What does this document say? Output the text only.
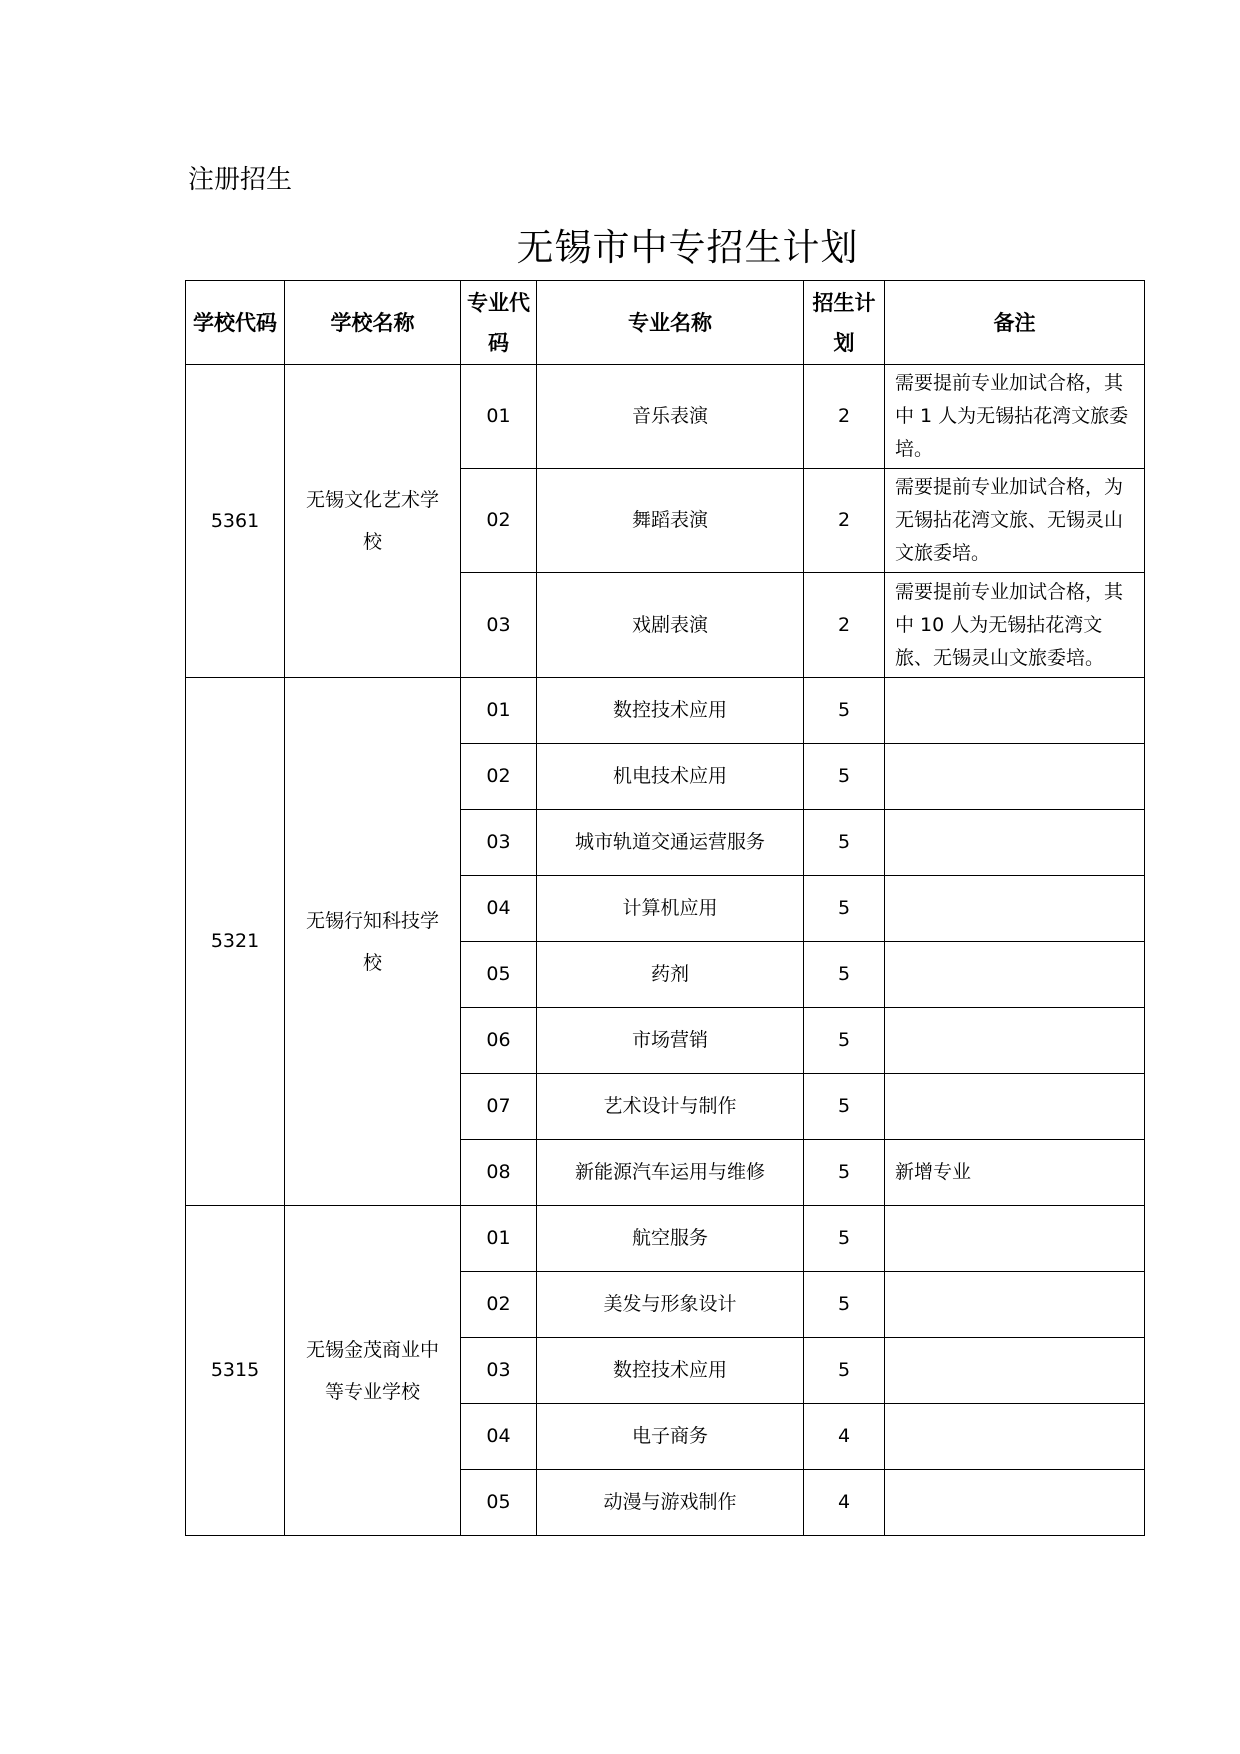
注册招生
无锡市中专招生计划
学校代码	学校名称	专业代码	专业名称	招生计划	备注
5361	无锡文化艺术学校	01	音乐表演	2	需要提前专业加试合格，其中 1 人为无锡拈花湾文旅委培。
		02	舞蹈表演	2	需要提前专业加试合格，为无锡拈花湾文旅、无锡灵山文旅委培。
		03	戏剧表演	2	需要提前专业加试合格，其中 10 人为无锡拈花湾文旅、无锡灵山文旅委培。
5321	无锡行知科技学校	01	数控技术应用	5	
		02	机电技术应用	5	
		03	城市轨道交通运营服务	5	
		04	计算机应用	5	
		05	药剂	5	
		06	市场营销	5	
		07	艺术设计与制作	5	
		08	新能源汽车运用与维修	5	新增专业
5315	无锡金茂商业中等专业学校	01	航空服务	5	
		02	美发与形象设计	5	
		03	数控技术应用	5	
		04	电子商务	4	
		05	动漫与游戏制作	4	
